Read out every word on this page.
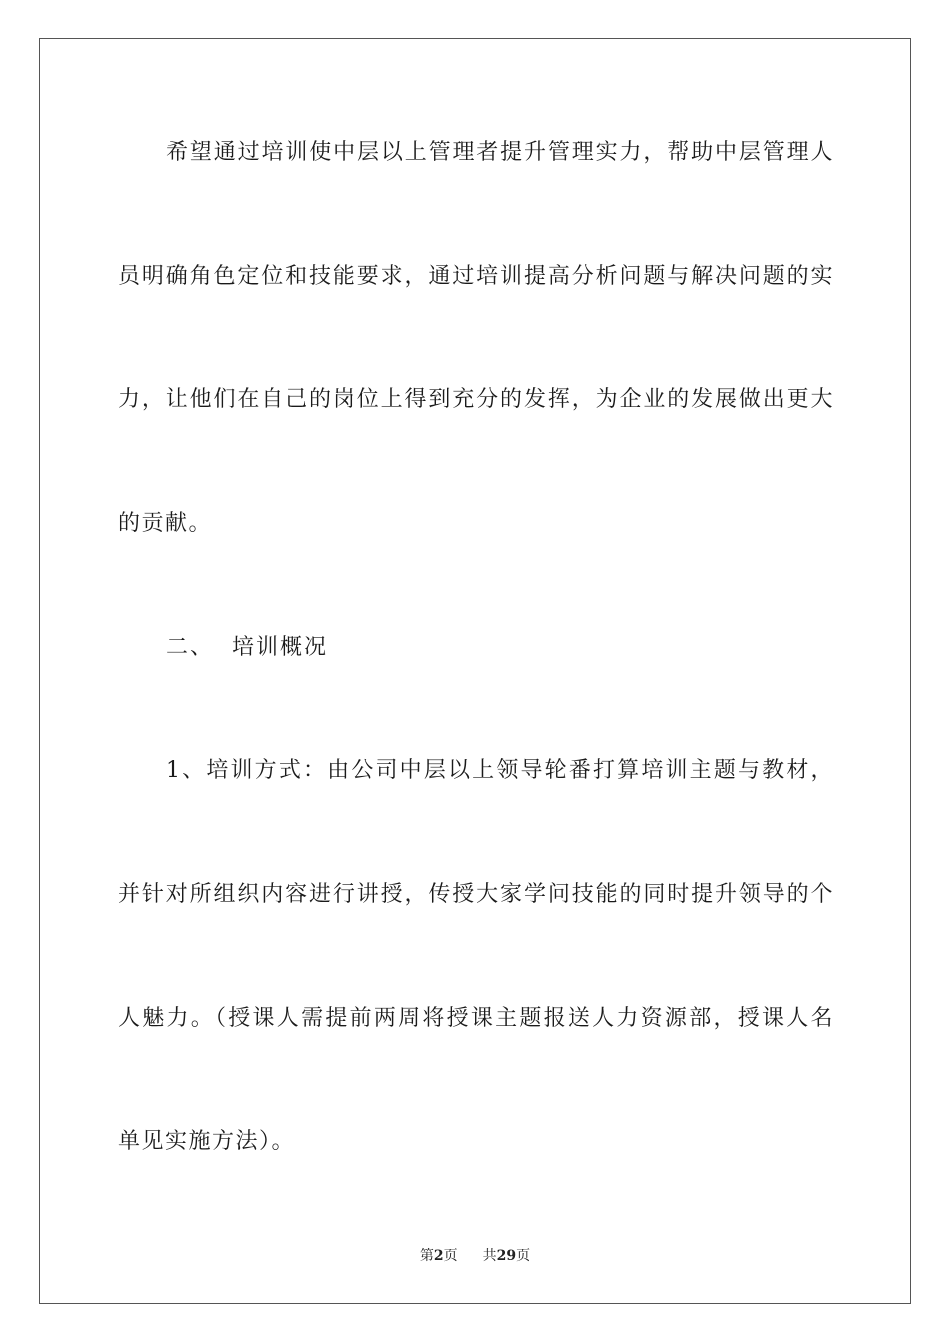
希望通过培训使中层以上管理者提升管理实力，帮助中层管理人
员明确角色定位和技能要求，通过培训提高分析问题与解决问题的实
力，让他们在自己的岗位上得到充分的发挥，为企业的发展做出更大
的贡献。
二、  培训概况
1、培训方式：由公司中层以上领导轮番打算培训主题与教材，
并针对所组织内容进行讲授，传授大家学问技能的同时提升领导的个
人魅力。（授课人需提前两周将授课主题报送人力资源部，授课人名
单见实施方法）。
第2页 共29页
